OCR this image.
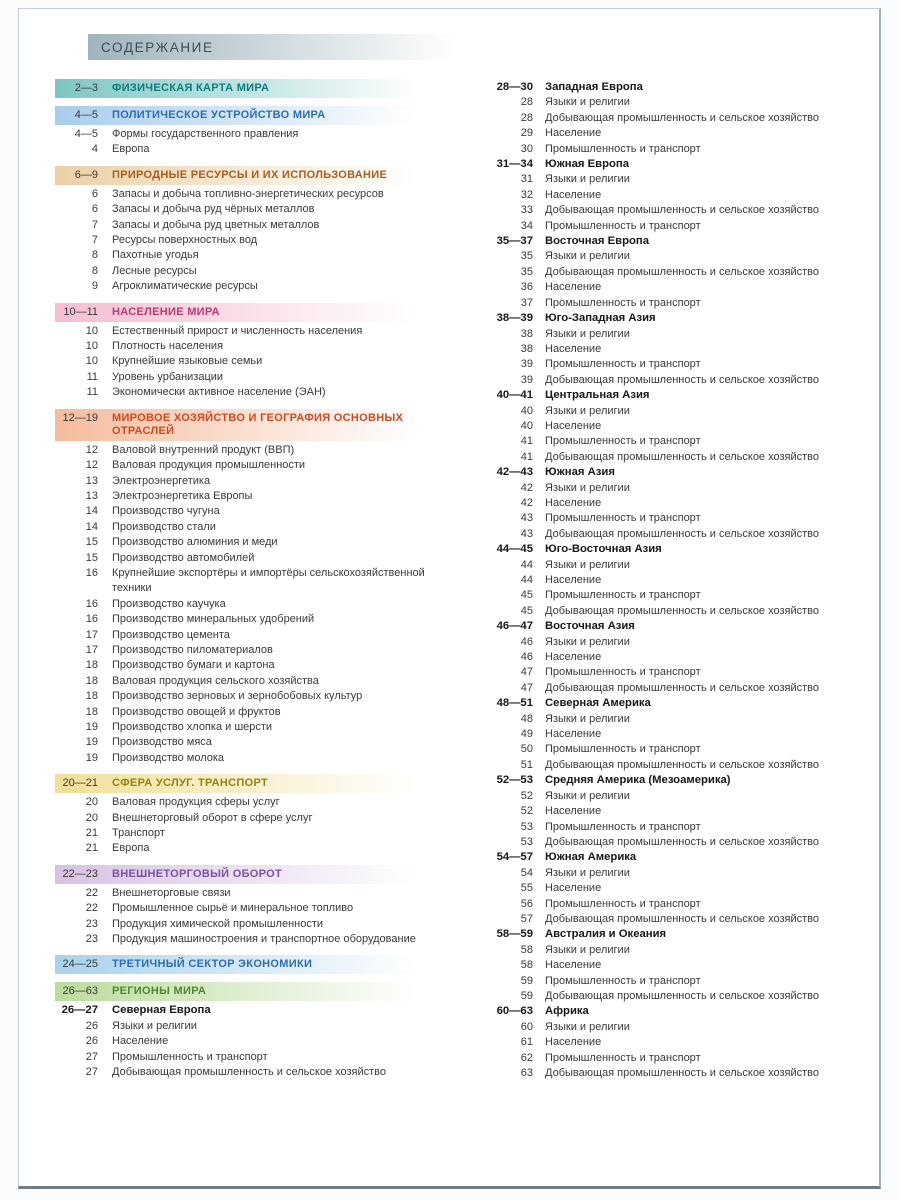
СОДЕРЖАНИЕ
2—3 ФИЗИЧЕСКАЯ КАРТА МИРА
4—5 ПОЛИТИЧЕСКОЕ УСТРОЙСТВО МИРА
4—5 Формы государственного правления
4 Европа
6—9 ПРИРОДНЫЕ РЕСУРСЫ И ИХ ИСПОЛЬЗОВАНИЕ
6 Запасы и добыча топливно-энергетических ресурсов
6 Запасы и добыча руд чёрных металлов
7 Запасы и добыча руд цветных металлов
7 Ресурсы поверхностных вод
8 Пахотные угодья
8 Лесные ресурсы
9 Агроклиматические ресурсы
10—11 НАСЕЛЕНИЕ МИРА
10 Естественный прирост и численность населения
10 Плотность населения
10 Крупнейшие языковые семьи
11 Уровень урбанизации
11 Экономически активное население (ЭАН)
12—19 МИРОВОЕ ХОЗЯЙСТВО И ГЕОГРАФИЯ ОСНОВНЫХ ОТРАСЛЕЙ
12 Валовой внутренний продукт (ВВП)
12 Валовая продукция промышленности
13 Электроэнергетика
13 Электроэнергетика Европы
14 Производство чугуна
14 Производство стали
15 Производство алюминия и меди
15 Производство автомобилей
16 Крупнейшие экспортёры и импортёры сельскохозяйственной техники
16 Производство каучука
16 Производство минеральных удобрений
17 Производство цемента
17 Производство пиломатериалов
18 Производство бумаги и картона
18 Валовая продукция сельского хозяйства
18 Производство зерновых и зернобобовых культур
18 Производство овощей и фруктов
19 Производство хлопка и шерсти
19 Производство мяса
19 Производство молока
20—21 СФЕРА УСЛУГ. ТРАНСПОРТ
20 Валовая продукция сферы услуг
20 Внешнеторговый оборот в сфере услуг
21 Транспорт
21 Европа
22—23 ВНЕШНЕТОРГОВЫЙ ОБОРОТ
22 Внешнеторговые связи
22 Промышленное сырьё и минеральное топливо
23 Продукция химической промышленности
23 Продукция машиностроения и транспортное оборудование
24—25 ТРЕТИЧНЫЙ СЕКТОР ЭКОНОМИКИ
26—63 РЕГИОНЫ МИРА
26—27 Северная Европа
26 Языки и религии
26 Население
27 Промышленность и транспорт
27 Добывающая промышленность и сельское хозяйство
28—30 Западная Европа
28 Языки и религии
28 Добывающая промышленность и сельское хозяйство
29 Население
30 Промышленность и транспорт
31—34 Южная Европа
31 Языки и религии
32 Население
33 Добывающая промышленность и сельское хозяйство
34 Промышленность и транспорт
35—37 Восточная Европа
35 Языки и религии
35 Добывающая промышленность и сельское хозяйство
36 Население
37 Промышленность и транспорт
38—39 Юго-Западная Азия
38 Языки и религии
38 Население
39 Промышленность и транспорт
39 Добывающая промышленность и сельское хозяйство
40—41 Центральная Азия
40 Языки и религии
40 Население
41 Промышленность и транспорт
41 Добывающая промышленность и сельское хозяйство
42—43 Южная Азия
42 Языки и религии
42 Население
43 Промышленность и транспорт
43 Добывающая промышленность и сельское хозяйство
44—45 Юго-Восточная Азия
44 Языки и религии
44 Население
45 Промышленность и транспорт
45 Добывающая промышленность и сельское хозяйство
46—47 Восточная Азия
46 Языки и религии
46 Население
47 Промышленность и транспорт
47 Добывающая промышленность и сельское хозяйство
48—51 Северная Америка
48 Языки и религии
49 Население
50 Промышленность и транспорт
51 Добывающая промышленность и сельское хозяйство
52—53 Средняя Америка (Мезоамерика)
52 Языки и религии
52 Население
53 Промышленность и транспорт
53 Добывающая промышленность и сельское хозяйство
54—57 Южная Америка
54 Языки и религии
55 Население
56 Промышленность и транспорт
57 Добывающая промышленность и сельское хозяйство
58—59 Австралия и Океания
58 Языки и религии
58 Население
59 Промышленность и транспорт
59 Добывающая промышленность и сельское хозяйство
60—63 Африка
60 Языки и религии
61 Население
62 Промышленность и транспорт
63 Добывающая промышленность и сельское хозяйство
